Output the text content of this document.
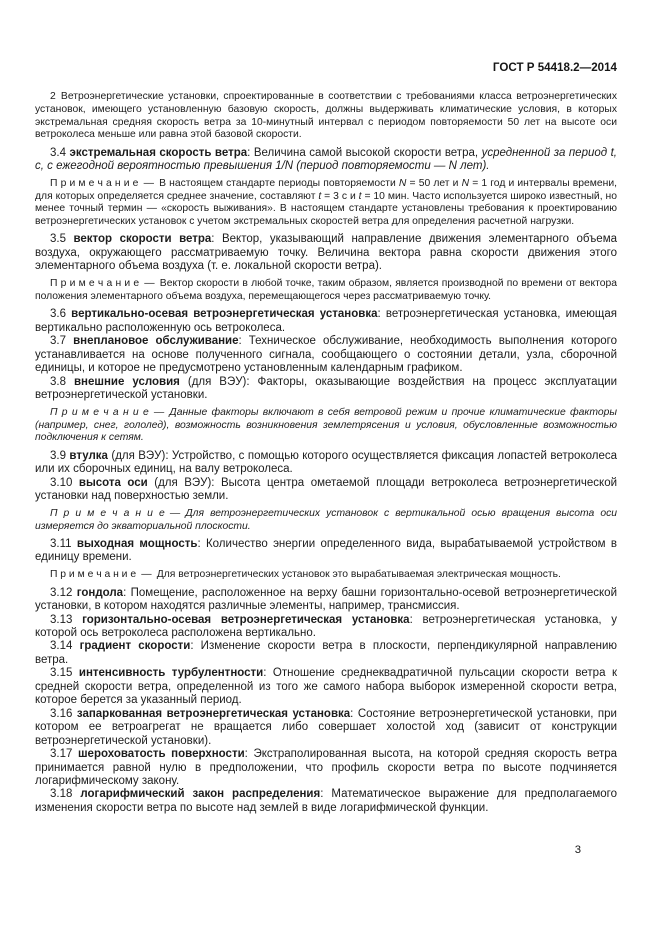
ГОСТ Р 54418.2—2014

2 Ветроэнергетические установки, спроектированные в соответствии с требованиями класса ветроэнергетических установок, имеющего установленную базовую скорость, должны выдерживать климатические условия, в которых экстремальная средняя скорость ветра за 10-минутный интервал с периодом повторяемости 50 лет на высоте оси ветроколеса меньше или равна этой базовой скорости.

3.4 экстремальная скорость ветра: Величина самой высокой скорости ветра, усредненной за период t, с, с ежегодной вероятностью превышения 1/N (период повторяемости — N лет).

П р и м е ч а н и е — В настоящем стандарте периоды повторяемости N = 50 лет и N = 1 год и интервалы времени, для которых определяется среднее значение, составляют t = 3 с и t = 10 мин. Часто используется широко известный, но менее точный термин — «скорость выживания». В настоящем стандарте установлены требования к проектированию ветроэнергетических установок с учетом экстремальных скоростей ветра для определения расчетной нагрузки.

3.5 вектор скорости ветра: Вектор, указывающий направление движения элементарного объема воздуха, окружающего рассматриваемую точку. Величина вектора равна скорости движения этого элементарного объема воздуха (т. е. локальной скорости ветра).

П р и м е ч а н и е — Вектор скорости в любой точке, таким образом, является производной по времени от вектора положения элементарного объема воздуха, перемещающегося через рассматриваемую точку.

3.6 вертикально-осевая ветроэнергетическая установка: ветроэнергетическая установка, имеющая вертикально расположенную ось ветроколеса.

3.7 внеплановое обслуживание: Техническое обслуживание, необходимость выполнения которого устанавливается на основе полученного сигнала, сообщающего о состоянии детали, узла, сборочной единицы, и которое не предусмотрено установленным календарным графиком.

3.8 внешние условия (для ВЭУ): Факторы, оказывающие воздействия на процесс эксплуатации ветроэнергетической установки.

П р и м е ч а н и е — Данные факторы включают в себя ветровой режим и прочие климатические факторы (например, снег, гололед), возможность возникновения землетрясения и условия, обусловленные возможностью подключения к сетям.

3.9 втулка (для ВЭУ): Устройство, с помощью которого осуществляется фиксация лопастей ветроколеса или их сборочных единиц, на валу ветроколеса.

3.10 высота оси (для ВЭУ): Высота центра ометаемой площади ветроколеса ветроэнергетической установки над поверхностью земли.

П р и м е ч а н и е — Для ветроэнергетических установок с вертикальной осью вращения высота оси измеряется до экваториальной плоскости.

3.11 выходная мощность: Количество энергии определенного вида, вырабатываемой устройством в единицу времени.

П р и м е ч а н и е — Для ветроэнергетических установок это вырабатываемая электрическая мощность.

3.12 гондола: Помещение, расположенное на верху башни горизонтально-осевой ветроэнергетической установки, в котором находятся различные элементы, например, трансмиссия.

3.13 горизонтально-осевая ветроэнергетическая установка: ветроэнергетическая установка, у которой ось ветроколеса расположена вертикально.

3.14 градиент скорости: Изменение скорости ветра в плоскости, перпендикулярной направлению ветра.

3.15 интенсивность турбулентности: Отношение среднеквадратичной пульсации скорости ветра к средней скорости ветра, определенной из того же самого набора выборок измеренной скорости ветра, которое берется за указанный период.

3.16 запаркованная ветроэнергетическая установка: Состояние ветроэнергетической установки, при котором ее ветроагрегат не вращается либо совершает холостой ход (зависит от конструкции ветроэнергетической установки).

3.17 шероховатость поверхности: Экстраполированная высота, на которой средняя скорость ветра принимается равной нулю в предположении, что профиль скорости ветра по высоте подчиняется логарифмическому закону.

3.18 логарифмический закон распределения: Математическое выражение для предполагаемого изменения скорости ветра по высоте над землей в виде логарифмической функции.

3
